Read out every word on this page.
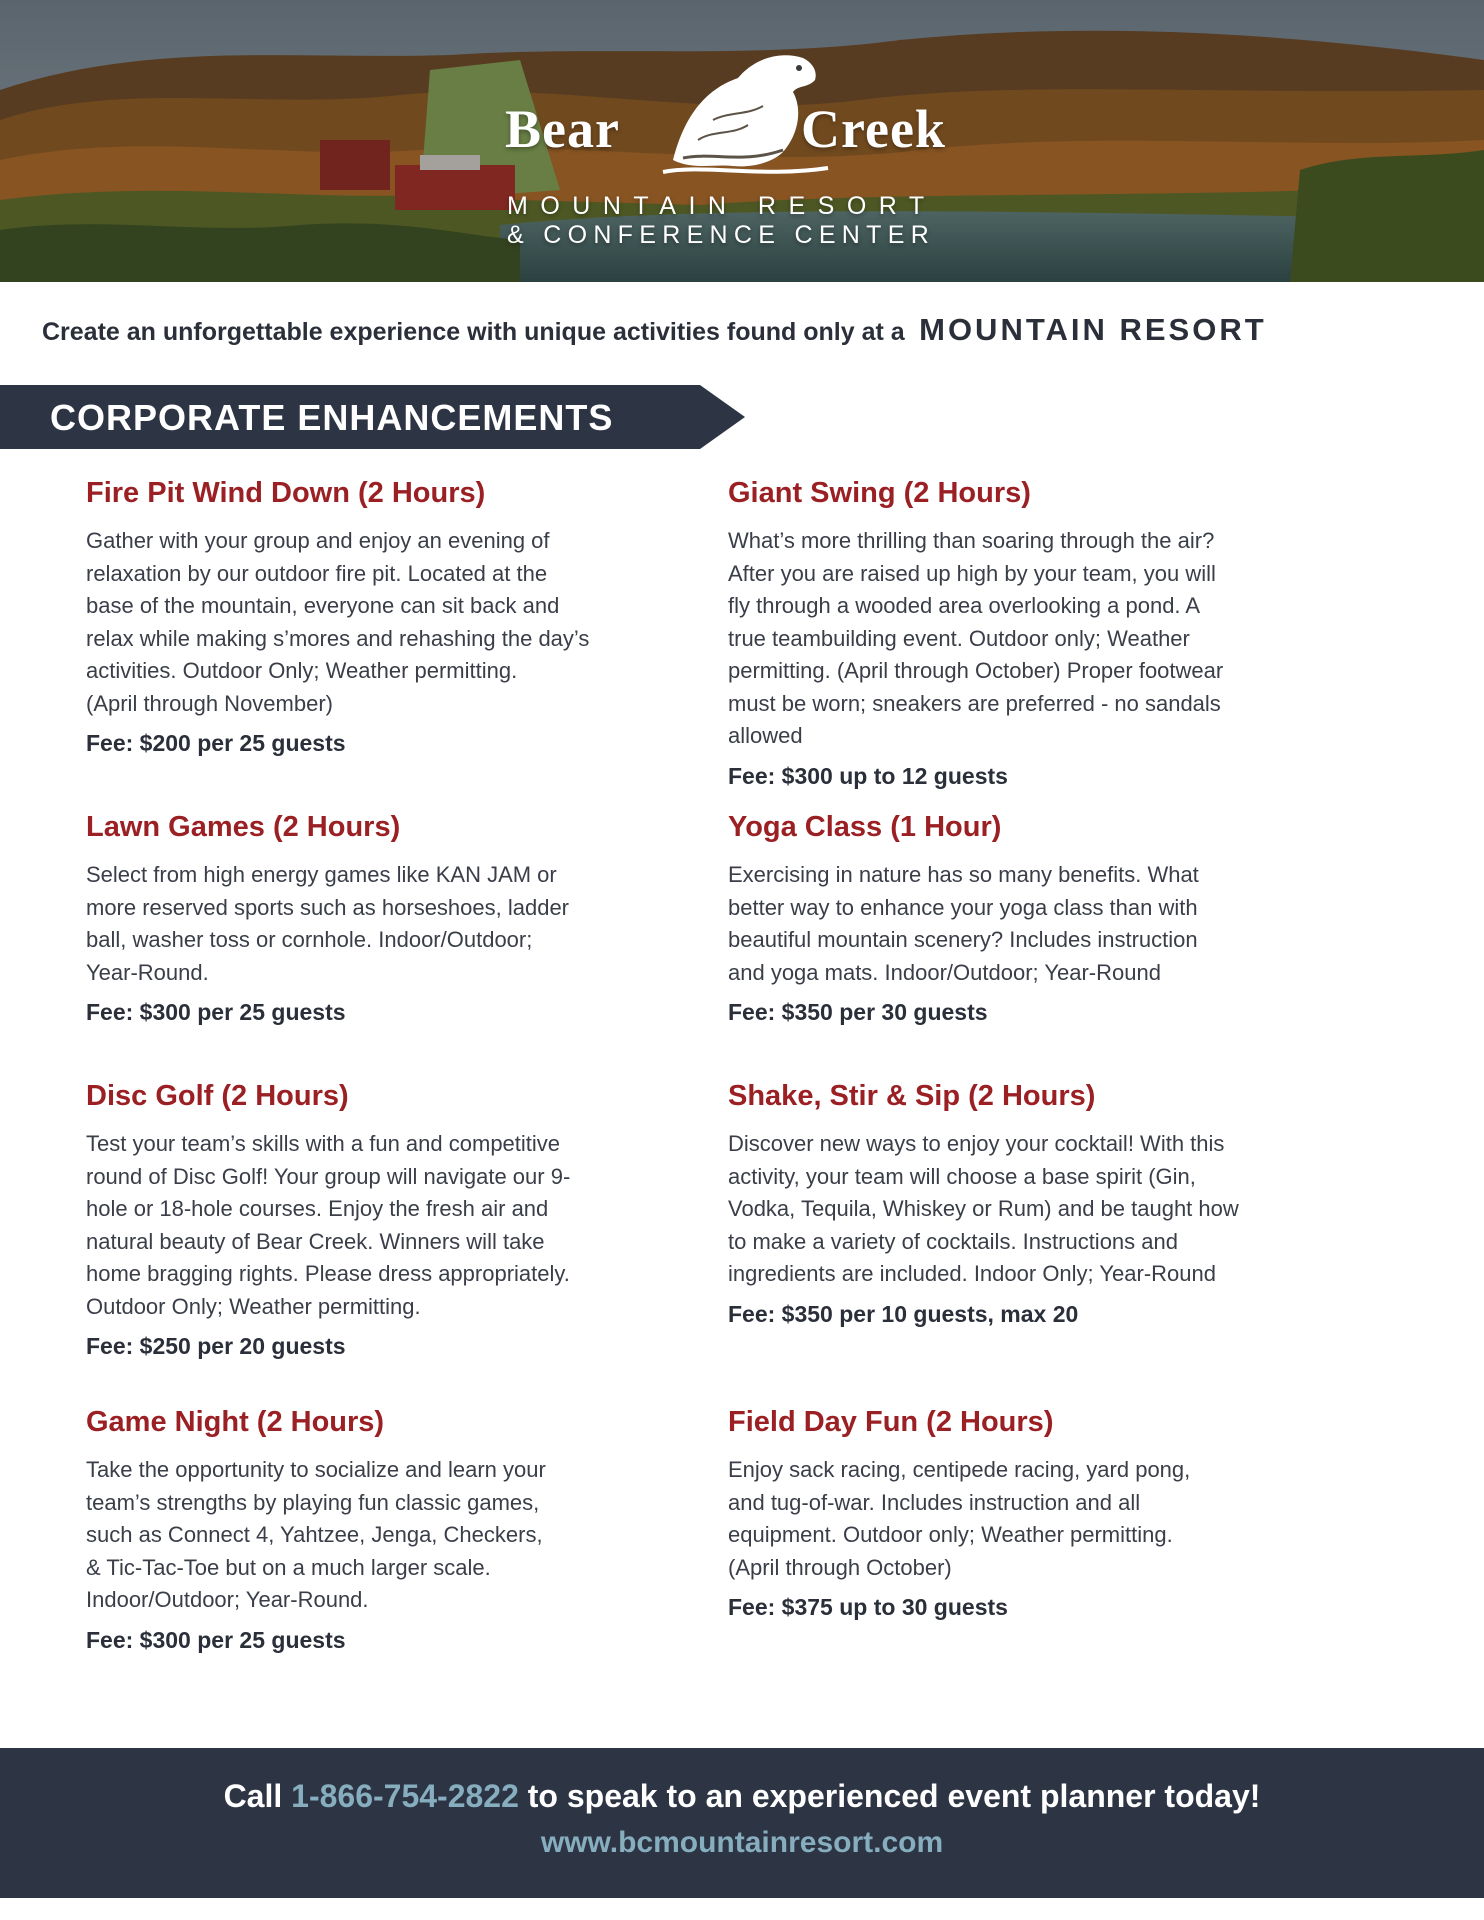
Bear	Creek
MOUNTAIN RESORT
& CONFERENCE CENTER
Create an unforgettable experience with unique activities found only at a MOUNTAIN RESORT
CORPORATE ENHANCEMENTS
Fire Pit Wind Down (2 Hours)
Gather with your group and enjoy an evening of
relaxation by our outdoor fire pit. Located at the
base of the mountain, everyone can sit back and
relax while making s’mores and rehashing the day’s
activities. Outdoor Only; Weather permitting.
(April through November)
Fee: $200 per 25 guests
Lawn Games (2 Hours)
Select from high energy games like KAN JAM or
more reserved sports such as horseshoes, ladder
ball, washer toss or cornhole. Indoor/Outdoor;
Year-Round.
Fee: $300 per 25 guests
Disc Golf (2 Hours)
Test your team’s skills with a fun and competitive
round of Disc Golf! Your group will navigate our 9-
hole or 18-hole courses. Enjoy the fresh air and
natural beauty of Bear Creek. Winners will take
home bragging rights. Please dress appropriately.
Outdoor Only; Weather permitting.
Fee: $250 per 20 guests
Game Night (2 Hours)
Take the opportunity to socialize and learn your
team’s strengths by playing fun classic games,
such as Connect 4, Yahtzee, Jenga, Checkers,
& Tic-Tac-Toe but on a much larger scale.
Indoor/Outdoor; Year-Round.
Fee: $300 per 25 guests
Giant Swing (2 Hours)
What’s more thrilling than soaring through the air?
After you are raised up high by your team, you will
fly through a wooded area overlooking a pond. A
true teambuilding event. Outdoor only; Weather
permitting. (April through October) Proper footwear
must be worn; sneakers are preferred - no sandals
allowed
Fee: $300 up to 12 guests
Yoga Class (1 Hour)
Exercising in nature has so many benefits. What
better way to enhance your yoga class than with
beautiful mountain scenery? Includes instruction
and yoga mats. Indoor/Outdoor; Year-Round
Fee: $350 per 30 guests
Shake, Stir & Sip (2 Hours)
Discover new ways to enjoy your cocktail! With this
activity, your team will choose a base spirit (Gin,
Vodka, Tequila, Whiskey or Rum) and be taught how
to make a variety of cocktails. Instructions and
ingredients are included. Indoor Only; Year-Round
Fee: $350 per 10 guests, max 20
Field Day Fun (2 Hours)
Enjoy sack racing, centipede racing, yard pong,
and tug-of-war. Includes instruction and all
equipment. Outdoor only; Weather permitting.
(April through October)
Fee: $375 up to 30 guests
Call 1-866-754-2822 to speak to an experienced event planner today!
www.bcmountainresort.com
